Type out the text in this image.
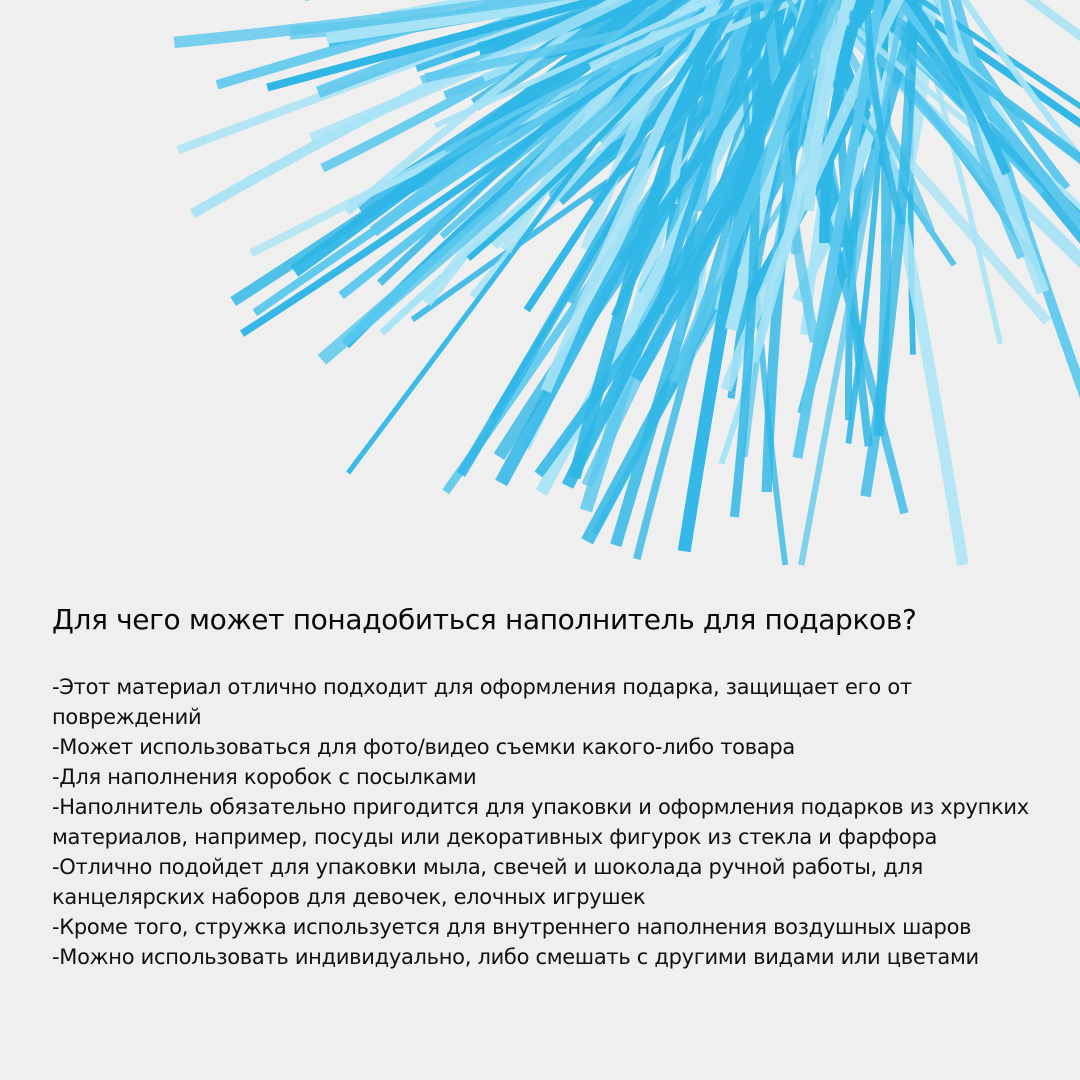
Для чего может понадобиться наполнитель для подарков?
-Этот материал отлично подходит для оформления подарка, защищает его от повреждений
-Может использоваться для фото/видео съемки какого-либо товара
-Для наполнения коробок с посылками
-Наполнитель обязательно пригодится для упаковки и оформления подарков из хрупких материалов, например, посуды или декоративных фигурок из стекла и фарфора
-Отлично подойдет для упаковки мыла, свечей и шоколада ручной работы, для канцелярских наборов для девочек, елочных игрушек
-Кроме того, стружка используется для внутреннего наполнения воздушных шаров
-Можно использовать индивидуально, либо смешать с другими видами или цветами
